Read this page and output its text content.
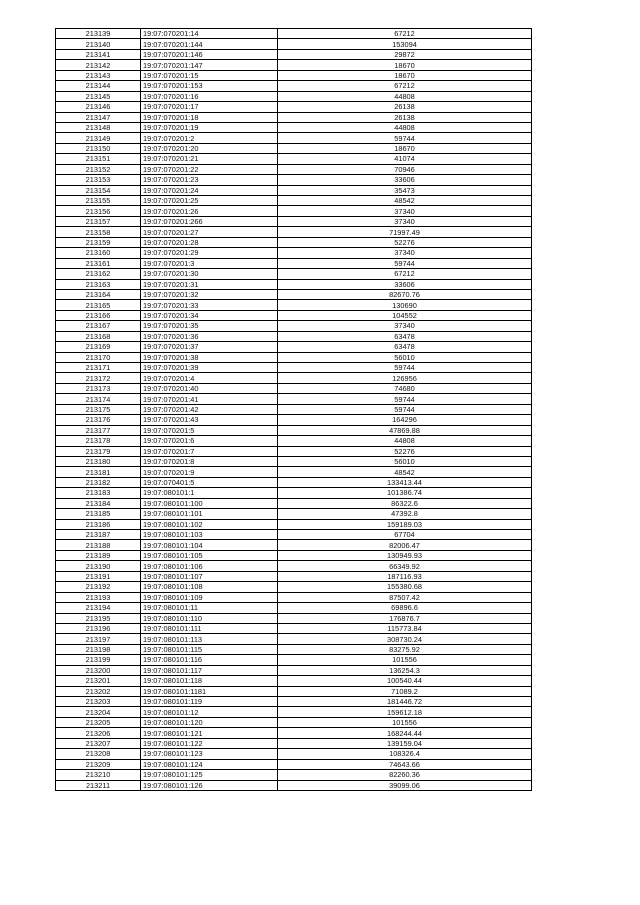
213139	19:07:070201:14	67212
213140	19:07:070201:144	153094
213141	19:07:070201:146	29872
213142	19:07:070201:147	18670
213143	19:07:070201:15	18670
213144	19:07:070201:153	67212
213145	19:07:070201:16	44808
213146	19:07:070201:17	26138
213147	19:07:070201:18	26138
213148	19:07:070201:19	44808
213149	19:07:070201:2	59744
213150	19:07:070201:20	18670
213151	19:07:070201:21	41074
213152	19:07:070201:22	70946
213153	19:07:070201:23	33606
213154	19:07:070201:24	35473
213155	19:07:070201:25	48542
213156	19:07:070201:26	37340
213157	19:07:070201:266	37340
213158	19:07:070201:27	71997.49
213159	19:07:070201:28	52276
213160	19:07:070201:29	37340
213161	19:07:070201:3	59744
213162	19:07:070201:30	67212
213163	19:07:070201:31	33606
213164	19:07:070201:32	82670.76
213165	19:07:070201:33	130690
213166	19:07:070201:34	104552
213167	19:07:070201:35	37340
213168	19:07:070201:36	63478
213169	19:07:070201:37	63478
213170	19:07:070201:38	56010
213171	19:07:070201:39	59744
213172	19:07:070201:4	126956
213173	19:07:070201:40	74680
213174	19:07:070201:41	59744
213175	19:07:070201:42	59744
213176	19:07:070201:43	164296
213177	19:07:070201:5	47869.88
213178	19:07:070201:6	44808
213179	19:07:070201:7	52276
213180	19:07:070201:8	56010
213181	19:07:070201:9	48542
213182	19:07:070401:5	133413.44
213183	19:07:080101:1	101386.74
213184	19:07:080101:100	86322.6
213185	19:07:080101:101	47392.8
213186	19:07:080101:102	159189.03
213187	19:07:080101:103	67704
213188	19:07:080101:104	82006.47
213189	19:07:080101:105	130949.93
213190	19:07:080101:106	66349.92
213191	19:07:080101:107	187116.93
213192	19:07:080101:108	155380.68
213193	19:07:080101:109	87507.42
213194	19:07:080101:11	69896.6
213195	19:07:080101:110	176876.7
213196	19:07:080101:111	115773.84
213197	19:07:080101:113	308730.24
213198	19:07:080101:115	83275.92
213199	19:07:080101:116	101556
213200	19:07:080101:117	136254.3
213201	19:07:080101:118	100540.44
213202	19:07:080101:1181	71089.2
213203	19:07:080101:119	181446.72
213204	19:07:080101:12	159612.18
213205	19:07:080101:120	101556
213206	19:07:080101:121	168244.44
213207	19:07:080101:122	139159.04
213208	19:07:080101:123	108326.4
213209	19:07:080101:124	74643.66
213210	19:07:080101:125	82260.36
213211	19:07:080101:126	39099.06
